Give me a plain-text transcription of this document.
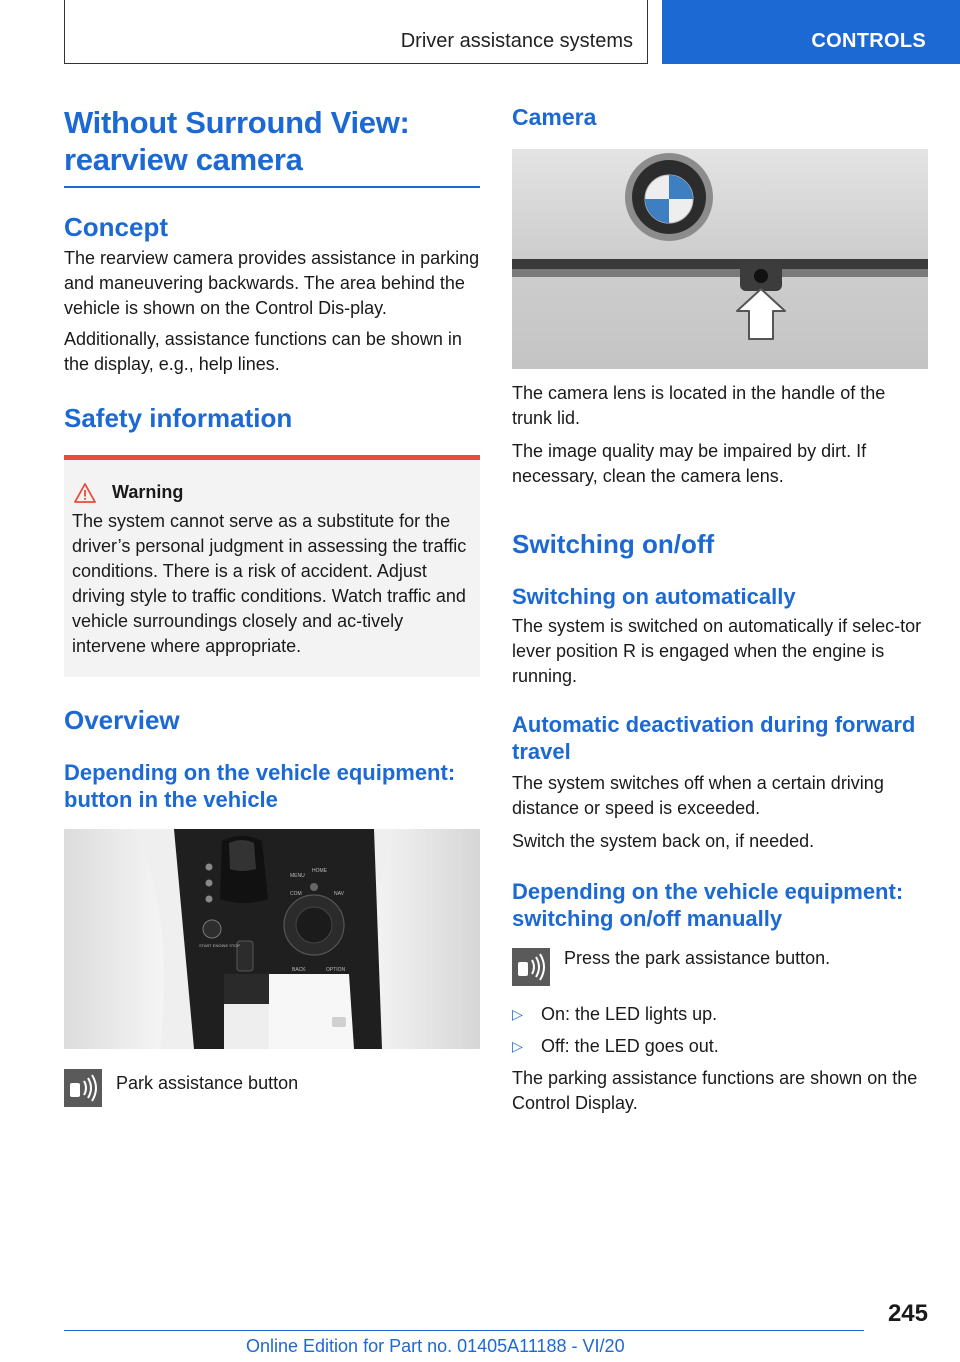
Driver assistance systems	CONTROLS
Without Surround View: rearview camera
Concept

The rearview camera provides assistance in parking and maneuvering backwards. The area behind the vehicle is shown on the Control Dis-play.

Additionally, assistance functions can be shown in the display, e.g., help lines.

Safety information
Warning

The system cannot serve as a substitute for the driver’s personal judgment in assessing the traffic conditions. There is a risk of accident. Adjust driving style to traffic conditions. Watch traffic and vehicle surroundings closely and ac-tively intervene where appropriate.

Overview
Depending on the vehicle equipment: button in the vehicle
MENU
HOME
COM	NAV
BACK	OPTION
START ENGINE STOP

Park assistance button

Camera

The camera lens is located in the handle of the trunk lid.

The image quality may be impaired by dirt. If necessary, clean the camera lens.

Switching on/off
Switching on automatically

The system is switched on automatically if selec-tor lever position R is engaged when the engine is running.

Automatic deactivation during forward travel

The system switches off when a certain driving distance or speed is exceeded.

Switch the system back on, if needed.

Depending on the vehicle equipment: switching on/off manually

Press the park assistance button.

▷	On: the LED lights up.
▷	Off: the LED goes out.

The parking assistance functions are shown on the Control Display.

245
Online Edition for Part no. 01405A11188 - VI/20
